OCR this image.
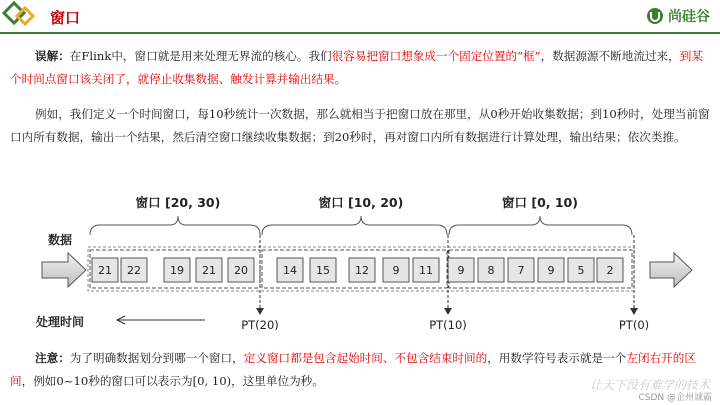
窗口	尚硅谷

误解：在Flink中，窗口就是用来处理无界流的核心。我们很容易把窗口想象成一个固定位置的“框”，数据源源不断地流过来，到某个时间点窗口该关闭了，就停止收集数据、触发计算并输出结果。

例如，我们定义一个时间窗口，每10秒统计一次数据，那么就相当于把窗口放在那里，从0秒开始收集数据；到10秒时，处理当前窗口内所有数据，输出一个结果，然后清空窗口继续收集数据；到20秒时，再对窗口内所有数据进行计算处理，输出结果；依次类推。

窗口 [20, 30)	窗口 [10, 20)	窗口 [0, 10)
数据
21 22	19 21 20	14 15 12 9 11 9 8 7 9 5 2
PT(20)	PT(10)	PT(0)
处理时间

注意：为了明确数据划分到哪一个窗口，定义窗口都是包含起始时间、不包含结束时间的，用数学符号表示就是一个左闭右开的区间，例如0~10秒的窗口可以表示为[0, 10)，这里单位为秒。	让天下没有难学的技术
CSDN @企州诚霸
